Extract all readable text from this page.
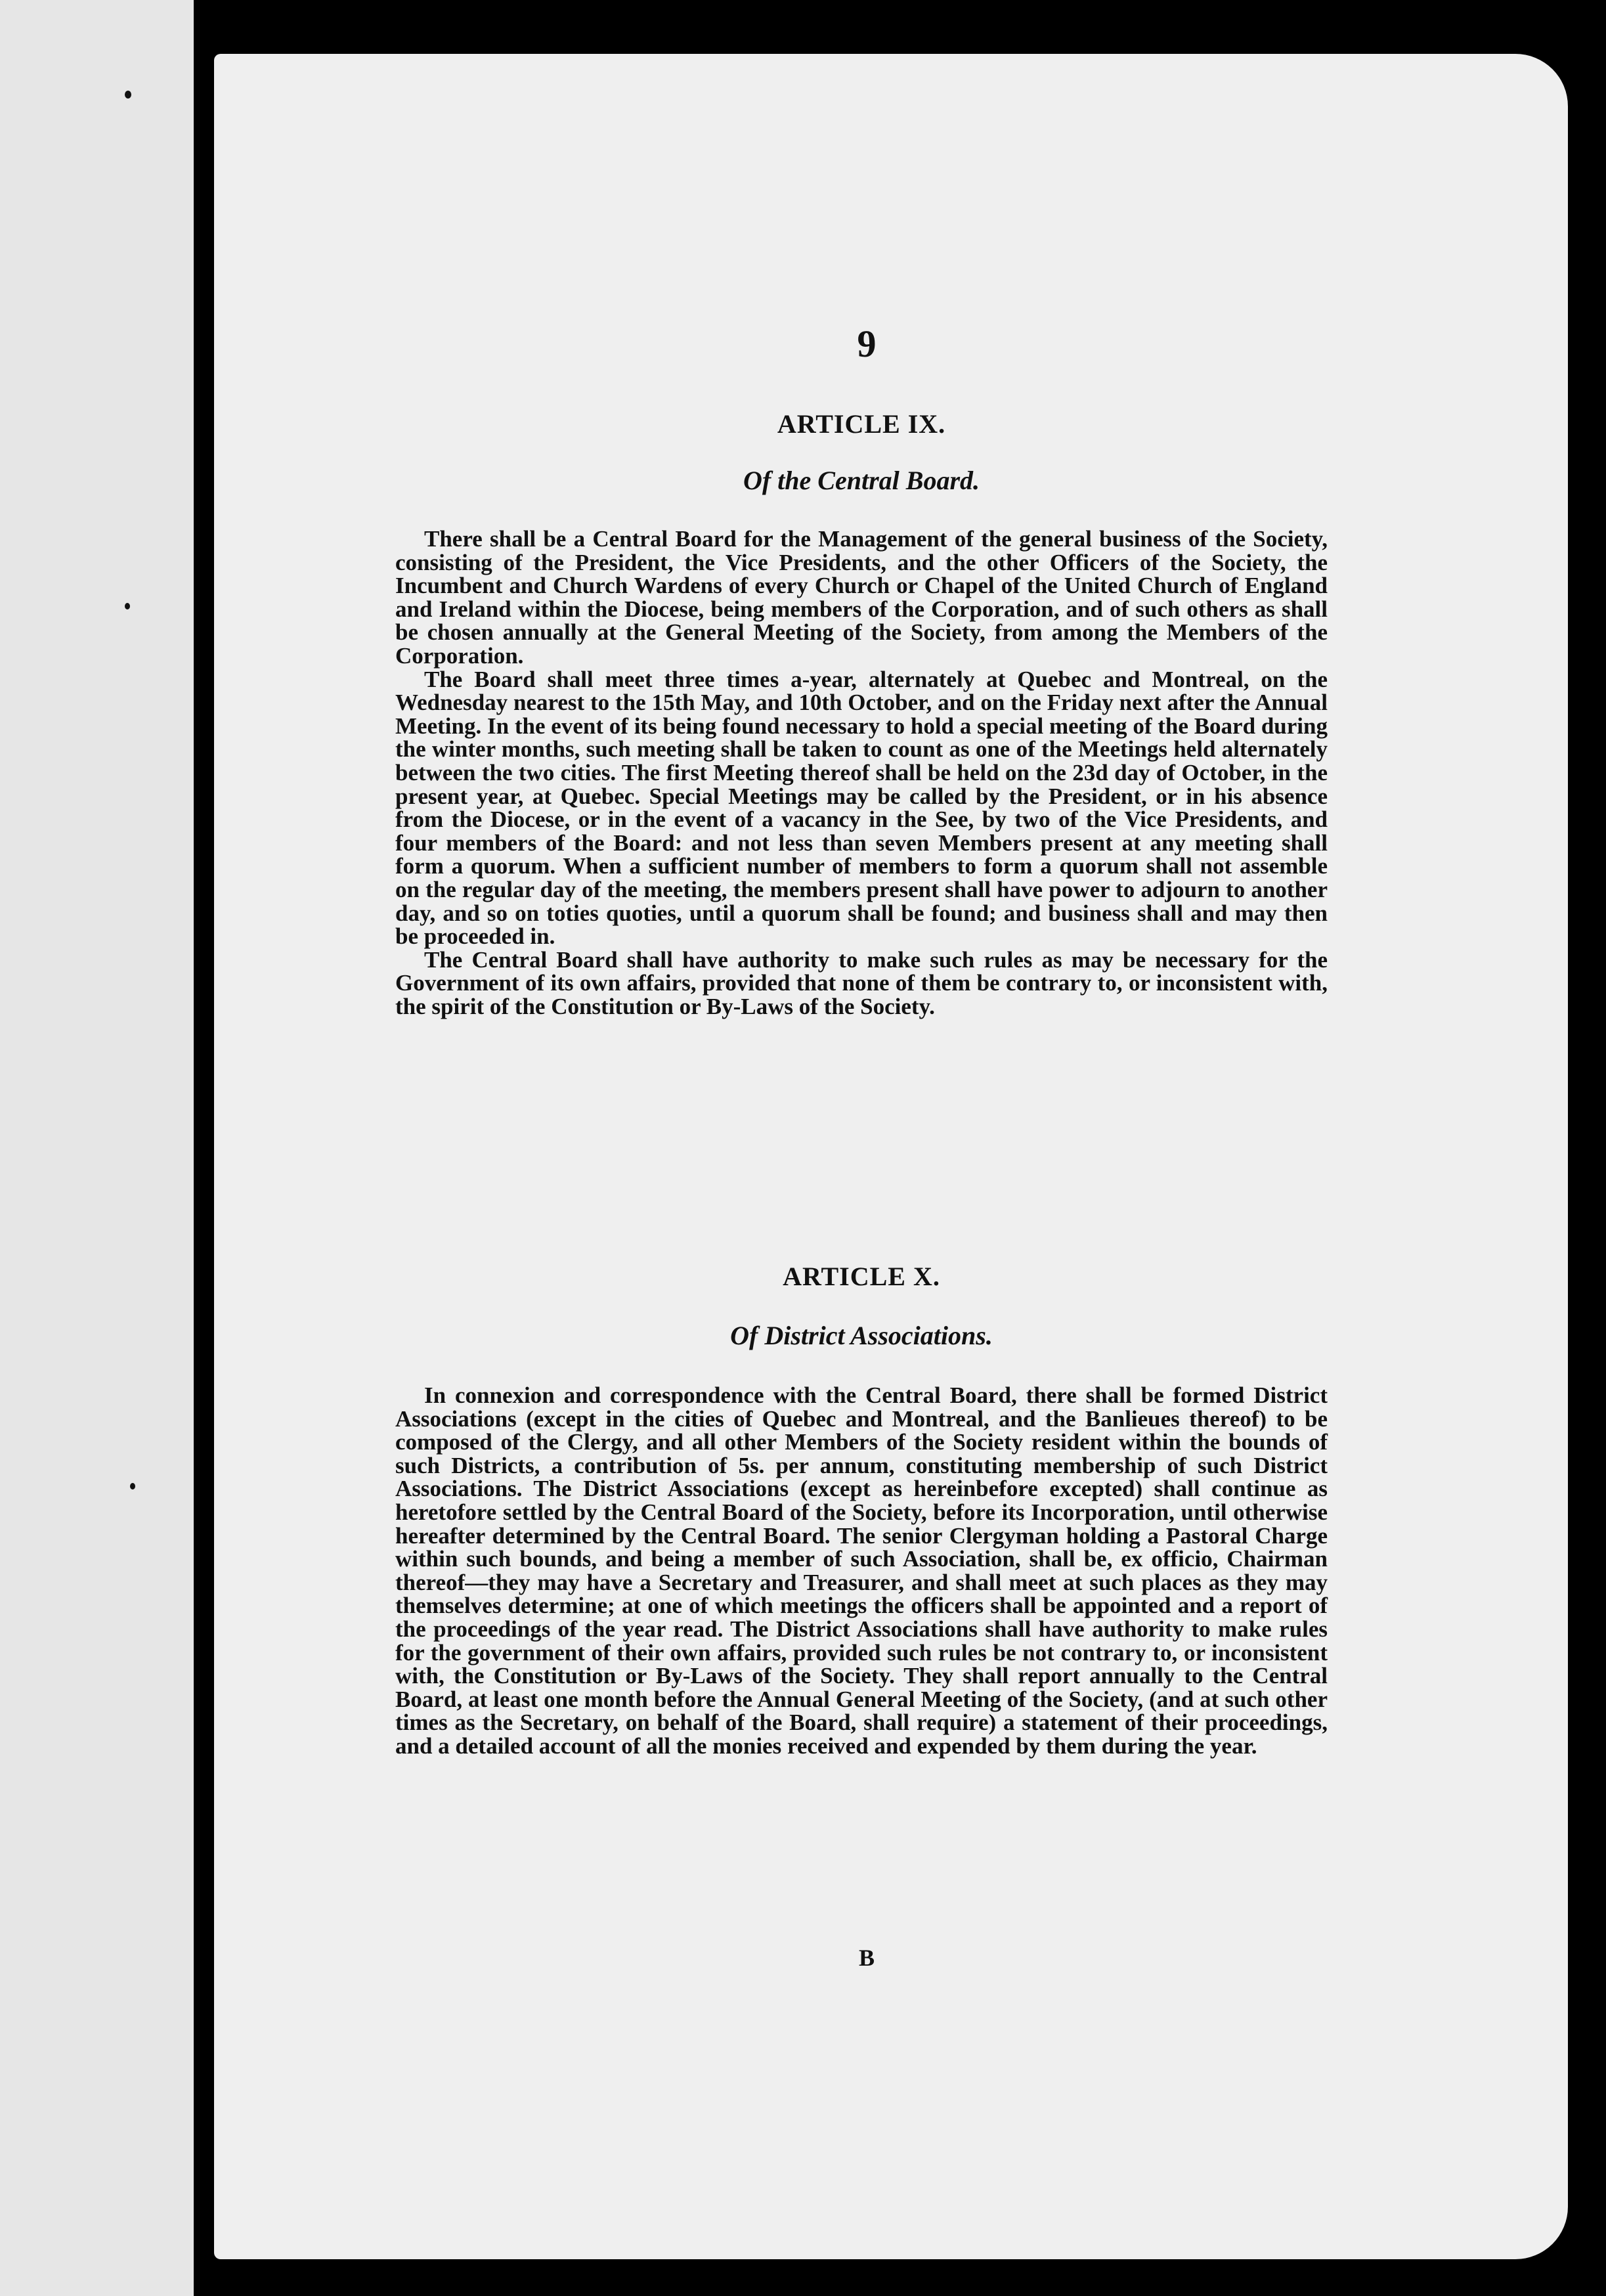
9
ARTICLE IX.
Of the Central Board.

There shall be a Central Board for the Management of the general business of the Society, consisting of the President, the Vice Presidents, and the other Officers of the Society, the Incumbent and Church Wardens of every Church or Chapel of the United Church of England and Ireland within the Diocese, being members of the Corporation, and of such others as shall be chosen annually at the General Meeting of the Society, from among the Members of the Corporation.

The Board shall meet three times a-year, alternately at Quebec and Montreal, on the Wednesday nearest to the 15th May, and 10th October, and on the Friday next after the Annual Meeting. In the event of its being found necessary to hold a special meeting of the Board during the winter months, such meeting shall be taken to count as one of the Meetings held alternately between the two cities. The first Meeting thereof shall be held on the 23d day of October, in the present year, at Quebec. Special Meetings may be called by the President, or in his absence from the Diocese, or in the event of a vacancy in the See, by two of the Vice Presidents, and four members of the Board: and not less than seven Members present at any meeting shall form a quorum. When a sufficient number of members to form a quorum shall not assemble on the regular day of the meeting, the members present shall have power to adjourn to another day, and so on toties quoties, until a quorum shall be found; and business shall and may then be proceeded in.

The Central Board shall have authority to make such rules as may be necessary for the Government of its own affairs, provided that none of them be contrary to, or inconsistent with, the spirit of the Constitution or By-Laws of the Society.

ARTICLE X.
Of District Associations.

In connexion and correspondence with the Central Board, there shall be formed District Associations (except in the cities of Quebec and Montreal, and the Banlieues thereof) to be composed of the Clergy, and all other Members of the Society resident within the bounds of such Districts, a contribution of 5s. per annum, constituting membership of such District Associations. The District Associations (except as hereinbefore excepted) shall continue as heretofore settled by the Central Board of the Society, before its Incorporation, until otherwise hereafter determined by the Central Board. The senior Clergyman holding a Pastoral Charge within such bounds, and being a member of such Association, shall be, ex officio, Chairman thereof—they may have a Secretary and Treasurer, and shall meet at such places as they may themselves determine; at one of which meetings the officers shall be appointed and a report of the proceedings of the year read. The District Associations shall have authority to make rules for the government of their own affairs, provided such rules be not contrary to, or inconsistent with, the Constitution or By-Laws of the Society. They shall report annually to the Central Board, at least one month before the Annual General Meeting of the Society, (and at such other times as the Secretary, on behalf of the Board, shall require) a statement of their proceedings, and a detailed account of all the monies received and expended by them during the year.

B
